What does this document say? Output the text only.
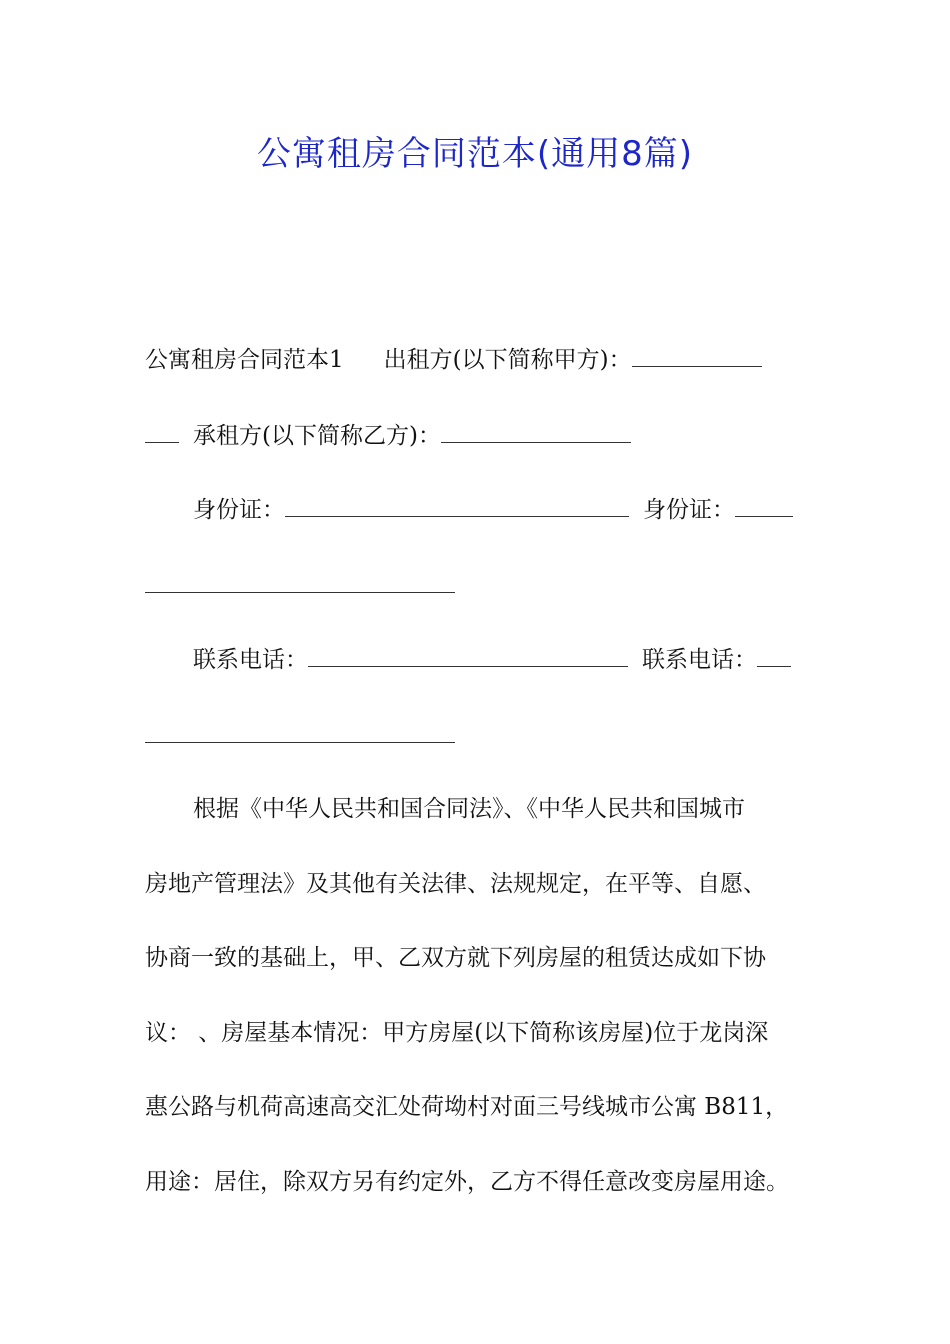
公寓租房合同范本(通用8篇)
公寓租房合同范本1 出租方(以下简称甲方)：
承租方(以下简称乙方)：
身份证：	身份证：
联系电话：	联系电话：
根据《中华人民共和国合同法》、《中华人民共和国城市
房地产管理法》及其他有关法律、法规规定，在平等、自愿、
协商一致的基础上，甲、乙双方就下列房屋的租赁达成如下协
议： 、房屋基本情况：甲方房屋(以下简称该房屋)位于龙岗深
惠公路与机荷高速高交汇处荷坳村对面三号线城市公寓 B811，
用途：居住，除双方另有约定外，乙方不得任意改变房屋用途。
